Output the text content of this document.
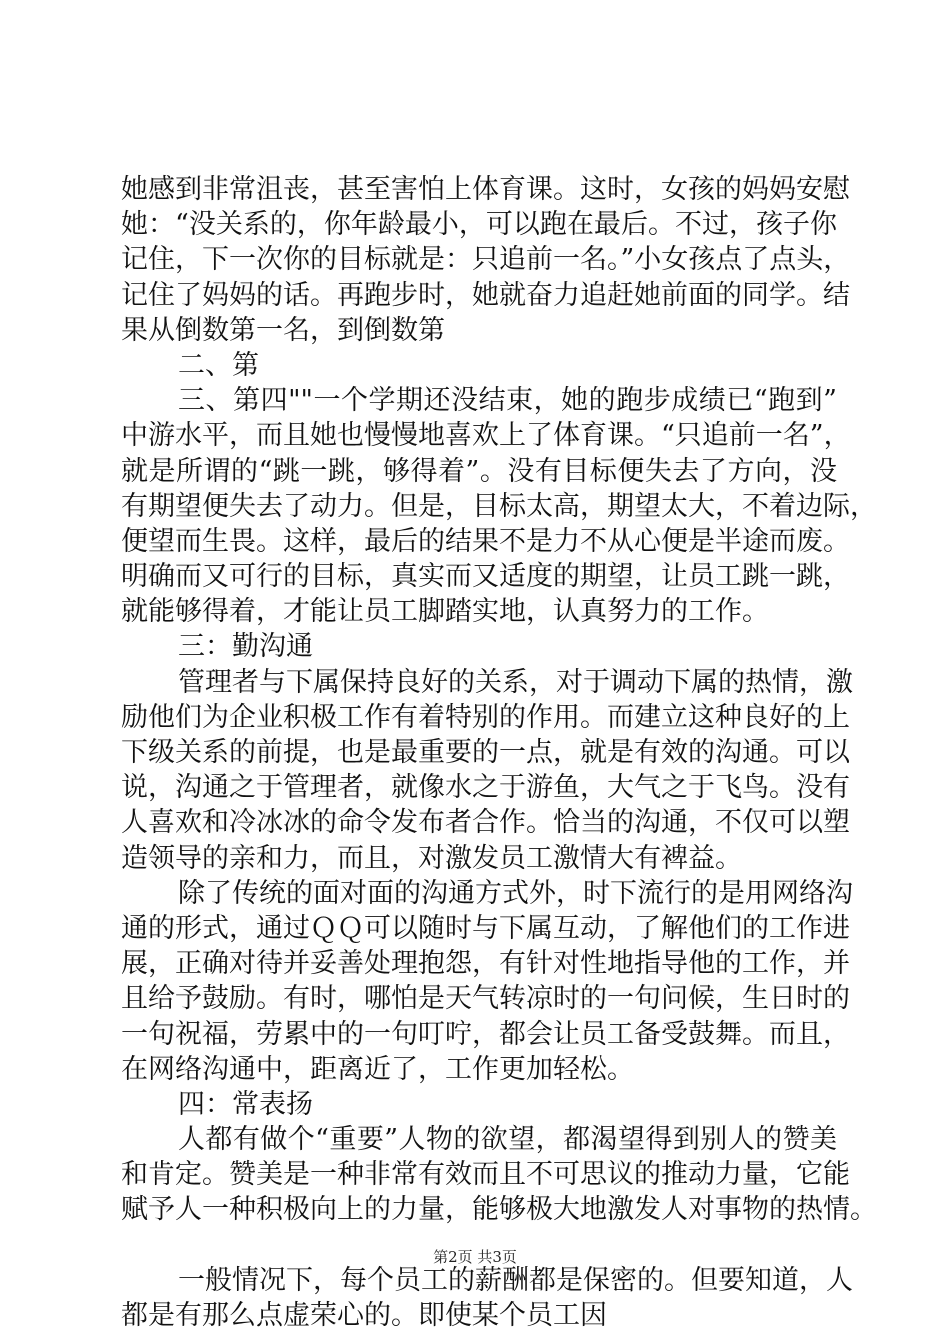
她感到非常沮丧，甚至害怕上体育课。这时，女孩的妈妈安慰
她：“没关系的，你年龄最小，可以跑在最后。不过，孩子你
记住，下一次你的目标就是：只追前一名。”小女孩点了点头，
记住了妈妈的话。再跑步时，她就奋力追赶她前面的同学。结
果从倒数第一名，到倒数第
二、第
三、第四""一个学期还没结束，她的跑步成绩已“跑到”
中游水平，而且她也慢慢地喜欢上了体育课。“只追前一名”，
就是所谓的“跳一跳，够得着”。没有目标便失去了方向，没
有期望便失去了动力。但是，目标太高，期望太大，不着边际，
便望而生畏。这样，最后的结果不是力不从心便是半途而废。
明确而又可行的目标，真实而又适度的期望，让员工跳一跳，
就能够得着，才能让员工脚踏实地，认真努力的工作。
三：勤沟通
管理者与下属保持良好的关系，对于调动下属的热情，激
励他们为企业积极工作有着特别的作用。而建立这种良好的上
下级关系的前提，也是最重要的一点，就是有效的沟通。可以
说，沟通之于管理者，就像水之于游鱼，大气之于飞鸟。没有
人喜欢和冷冰冰的命令发布者合作。恰当的沟通，不仅可以塑
造领导的亲和力，而且，对激发员工激情大有裨益。
除了传统的面对面的沟通方式外，时下流行的是用网络沟
通的形式，通过ＱＱ可以随时与下属互动，了解他们的工作进
展，正确对待并妥善处理抱怨，有针对性地指导他的工作，并
且给予鼓励。有时，哪怕是天气转凉时的一句问候，生日时的
一句祝福，劳累中的一句叮咛，都会让员工备受鼓舞。而且，
在网络沟通中，距离近了，工作更加轻松。
四：常表扬
人都有做个“重要”人物的欲望，都渴望得到别人的赞美
和肯定。赞美是一种非常有效而且不可思议的推动力量，它能
赋予人一种积极向上的力量，能够极大地激发人对事物的热情。
一般情况下，每个员工的薪酬都是保密的。但要知道，人
都是有那么点虚荣心的。即使某个员工因
第2页 共3页
